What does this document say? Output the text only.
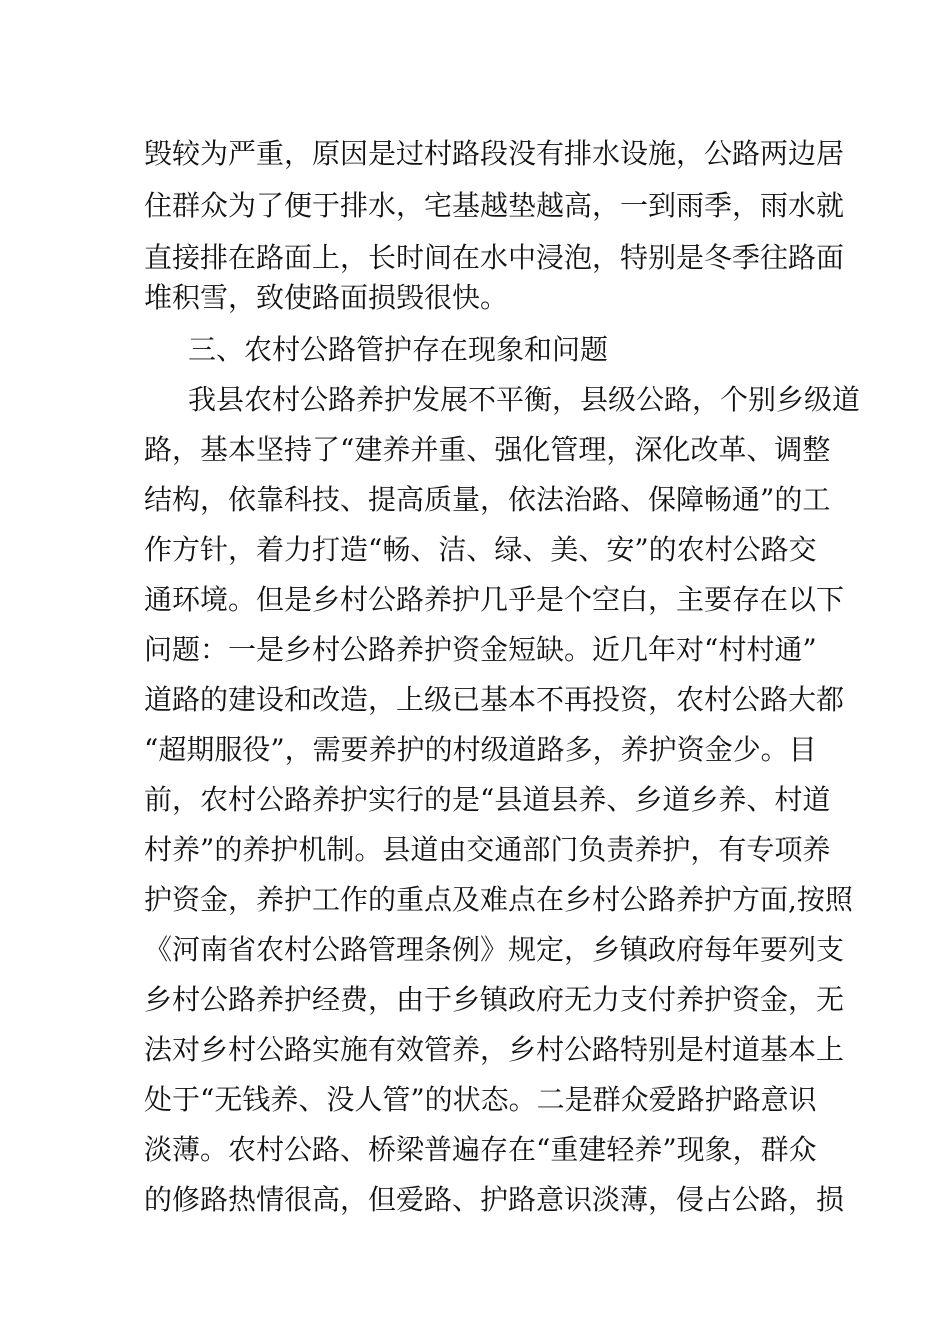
毁较为严重，原因是过村路段没有排水设施，公路两边居
住群众为了便于排水，宅基越垫越高，一到雨季，雨水就
直接排在路面上，长时间在水中浸泡，特别是冬季往路面
堆积雪，致使路面损毁很快。
三、农村公路管护存在现象和问题
我县农村公路养护发展不平衡，县级公路，个别乡级道
路，基本坚持了“建养并重、强化管理，深化改革、调整
结构，依靠科技、提高质量，依法治路、保障畅通”的工
作方针，着力打造“畅、洁、绿、美、安”的农村公路交
通环境。但是乡村公路养护几乎是个空白，主要存在以下
问题：一是乡村公路养护资金短缺。近几年对“村村通”
道路的建设和改造，上级已基本不再投资，农村公路大都
“超期服役”，需要养护的村级道路多，养护资金少。目
前，农村公路养护实行的是“县道县养、乡道乡养、村道
村养”的养护机制。县道由交通部门负责养护，有专项养
护资金，养护工作的重点及难点在乡村公路养护方面,按照
《河南省农村公路管理条例》规定，乡镇政府每年要列支
乡村公路养护经费，由于乡镇政府无力支付养护资金，无
法对乡村公路实施有效管养，乡村公路特别是村道基本上
处于“无钱养、没人管”的状态。二是群众爱路护路意识
淡薄。农村公路、桥梁普遍存在“重建轻养”现象，群众
的修路热情很高，但爱路、护路意识淡薄，侵占公路，损
